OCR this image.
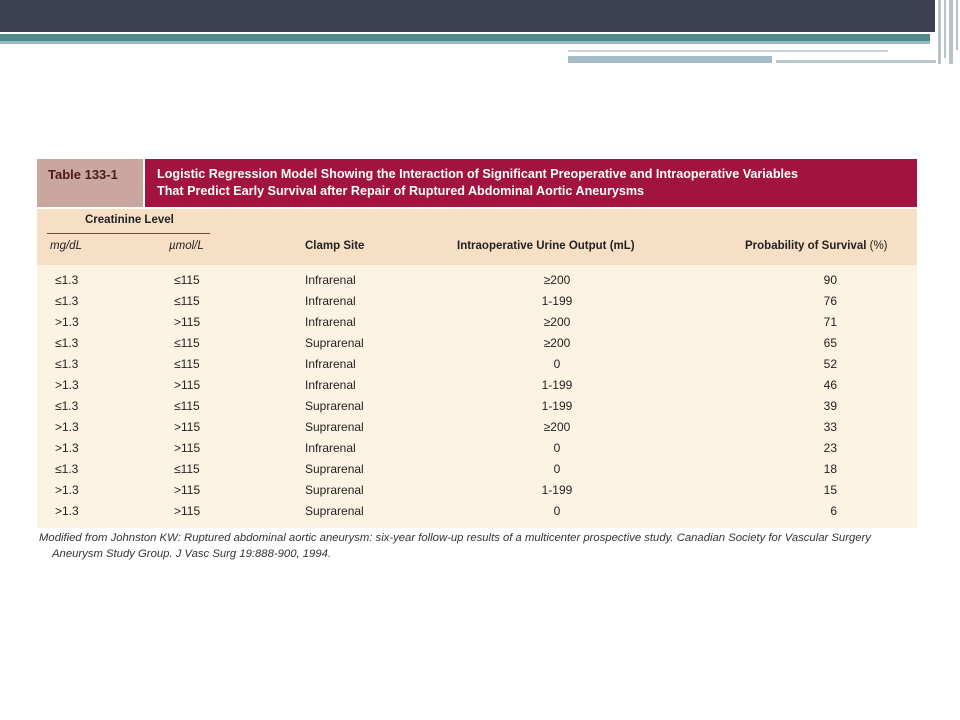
Table 133-1	Logistic Regression Model Showing the Interaction of Significant Preoperative and Intraoperative Variables
That Predict Early Survival after Repair of Ruptured Abdominal Aortic Aneurysms
Creatinine Level
mg/dL	µmol/L	Clamp Site	Intraoperative Urine Output (mL)	Probability of Survival (%)
≤1.3	≤115	Infrarenal	≥200	90
≤1.3	≤115	Infrarenal	1-199	76
>1.3	>115	Infrarenal	≥200	71
≤1.3	≤115	Suprarenal	≥200	65
≤1.3	≤115	Infrarenal	0	52
>1.3	>115	Infrarenal	1-199	46
≤1.3	≤115	Suprarenal	1-199	39
>1.3	>115	Suprarenal	≥200	33
>1.3	>115	Infrarenal	0	23
≤1.3	≤115	Suprarenal	0	18
>1.3	>115	Suprarenal	1-199	15
>1.3	>115	Suprarenal	0	6
Modified from Johnston KW: Ruptured abdominal aortic aneurysm: six-year follow-up results of a multicenter prospective study. Canadian Society for Vascular Surgery
Aneurysm Study Group. J Vasc Surg 19:888-900, 1994.
